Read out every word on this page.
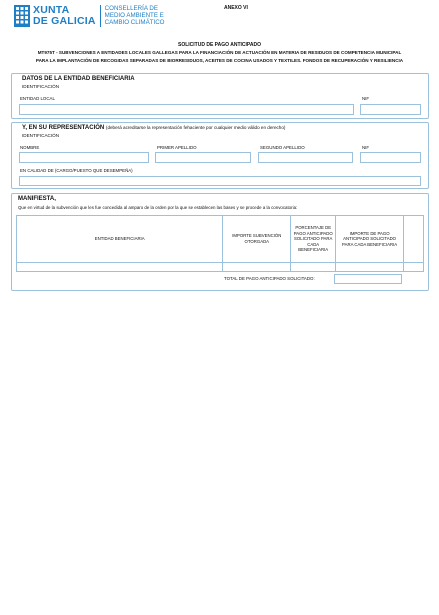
XUNTA
DE GALICIA
CONSELLERÍA DE
MEDIO AMBIENTE E
CAMBIO CLIMÁTICO
ANEXO VI
SOLICITUD DE PAGO ANTICIPADO
MT975T - SUBVENCIONES A ENTIDADES LOCALES GALLEGAS PARA LA FINANCIACIÓN DE ACTUACIÓN EN MATERIA DE RESIDUOS DE COMPETENCIA MUNICIPAL
PARA LA IMPLANTACIÓN DE RECOGIDAS SEPARADAS DE BIORRESIDUOS, ACEITES DE COCINA USADOS Y TEXTILES. FONDOS DE RECUPERACIÓN Y RESILIENCIA
DATOS DE LA ENTIDAD BENEFICIARIA
IDENTIFICACIÓN
ENTIDAD LOCAL	NIF
Y, EN SU REPRESENTACIÓN (deberá acreditarse la representación fehaciente por cualquier medio válido en derecho)
IDENTIFICACIÓN
NOMBRE	PRIMER APELLIDO	SEGUNDO APELLIDO	NIF
EN CALIDAD DE (CARGO/PUESTO QUE DESEMPEÑA)
MANIFIESTA,
Que en virtud de la subvención que les fue concedida al amparo de la orden por la que se establecen las bases y se procede a la convocatoria:
ENTIDAD BENEFICIARIA	IMPORTE SUBVENCIÓN OTORGADA	PORCENTAJE DE PAGO ANTICIPADO SOLICITADO PARA CADA BENEFICIARIA	IMPORTE DE PAGO ANTICIPADO SOLICITADO PARA CADA BENEFICIARIA	

TOTAL DE PAGO ANTICIPADO SOLICITADO:
